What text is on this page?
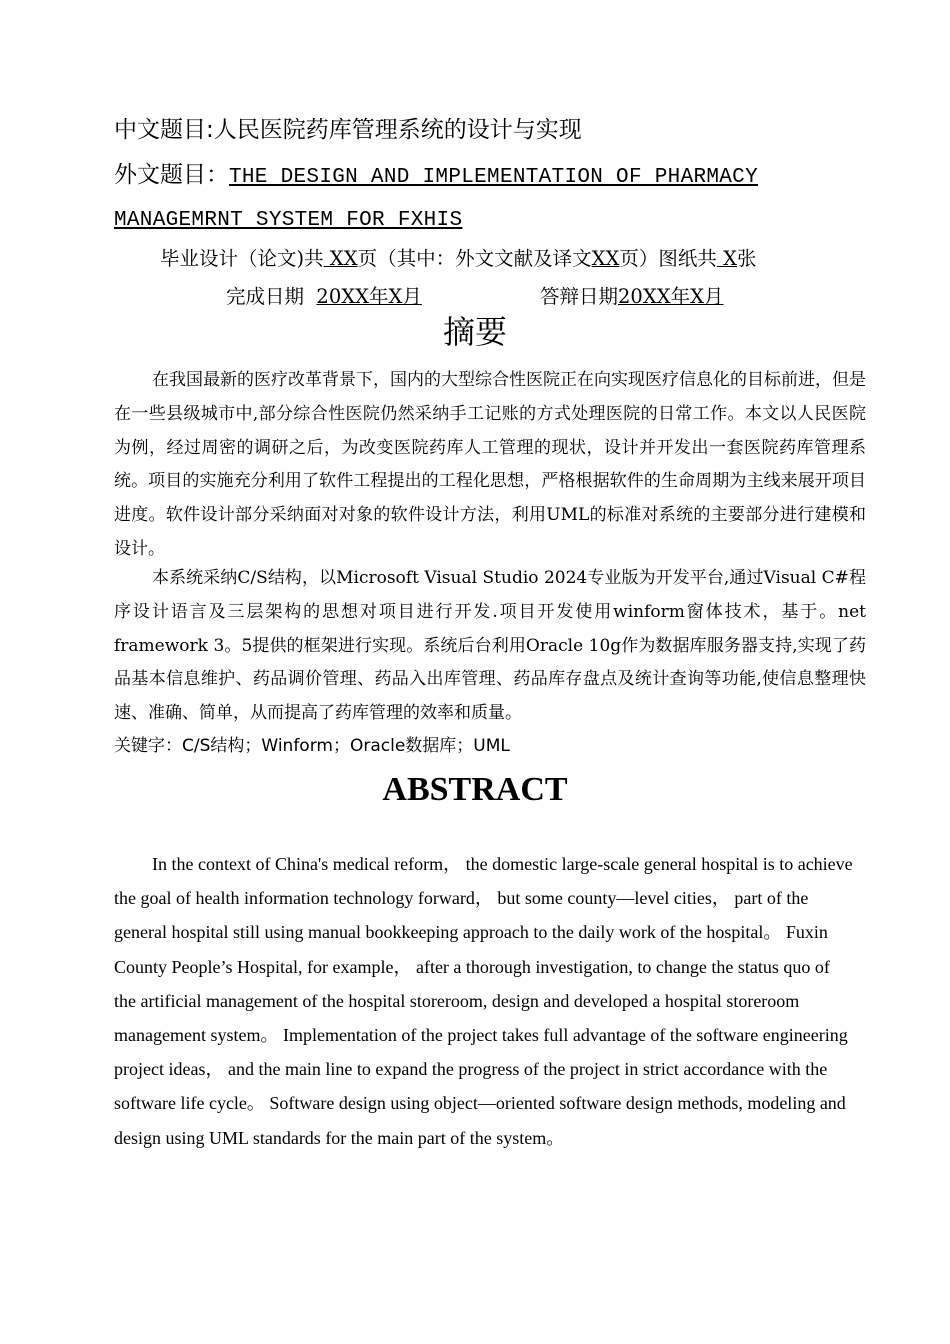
中文题目:人民医院药库管理系统的设计与实现
外文题目：THE DESIGN AND IMPLEMENTATION OF PHARMACY
MANAGEMRNT SYSTEM FOR FXHIS
毕业设计（论文)共 XX页（其中：外文文献及译文XX页）图纸共 X张
完成日期 20XX年X月	答辩日期20XX年X月
摘要

在我国最新的医疗改革背景下，国内的大型综合性医院正在向实现医疗信息化的目标前进，但是在一些县级城市中,部分综合性医院仍然采纳手工记账的方式处理医院的日常工作。本文以人民医院为例，经过周密的调研之后，为改变医院药库人工管理的现状，设计并开发出一套医院药库管理系统。项目的实施充分利用了软件工程提出的工程化思想，严格根据软件的生命周期为主线来展开项目进度。软件设计部分采纳面对对象的软件设计方法，利用UML的标准对系统的主要部分进行建模和设计。

本系统采纳C/S结构，以Microsoft Visual Studio 2024专业版为开发平台,通过Visual C#程序设计语言及三层架构的思想对项目进行开发.项目开发使用winform窗体技术，基于。net framework 3。5提供的框架进行实现。系统后台利用Oracle 10g作为数据库服务器支持,实现了药品基本信息维护、药品调价管理、药品入出库管理、药品库存盘点及统计查询等功能,使信息整理快速、准确、简单，从而提高了药库管理的效率和质量。

关键字：C/S结构；Winform；Oracle数据库；UML
ABSTRACT

In the context of China's medical reform， the domestic large-scale general hospital is to achieve the goal of health information technology forward， but some county—level cities， part of the general hospital still using manual bookkeeping approach to the daily work of the hospital。 Fuxin County People’s Hospital, for example， after a thorough investigation, to change the status quo of the artificial management of the hospital storeroom, design and developed a hospital storeroom management system。 Implementation of the project takes full advantage of the software engineering project ideas， and the main line to expand the progress of the project in strict accordance with the software life cycle。 Software design using object—oriented software design methods, modeling and design using UML standards for the main part of the system。
